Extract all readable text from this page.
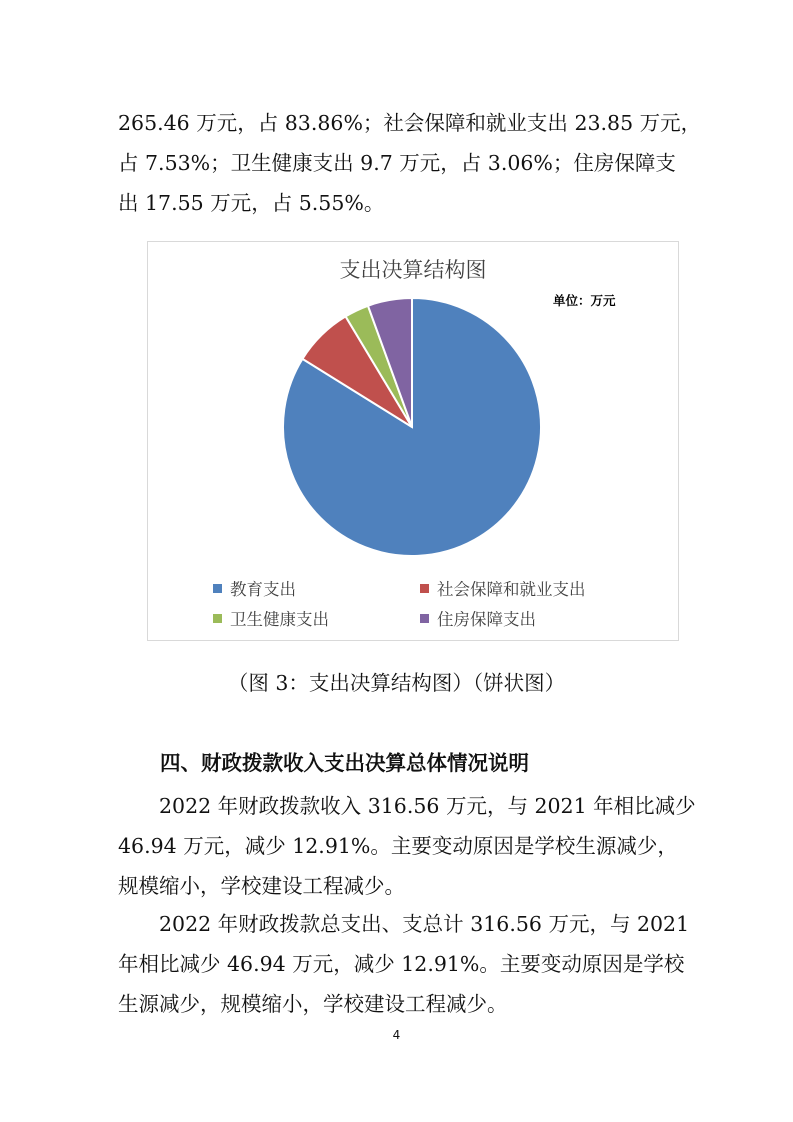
265.46 万元，占 83.86%；社会保障和就业支出 23.85 万元，
占 7.53%；卫生健康支出 9.7 万元，占 3.06%；住房保障支
出 17.55 万元，占 5.55%。
支出决算结构图
单位：万元
教育支出	社会保障和就业支出
卫生健康支出	住房保障支出
（图 3：支出决算结构图）（饼状图）
四、财政拨款收入支出决算总体情况说明
2022 年财政拨款收入 316.56 万元，与 2021 年相比减少
46.94 万元，减少 12.91%。主要变动原因是学校生源减少，
规模缩小，学校建设工程减少。
2022 年财政拨款总支出、支总计 316.56 万元，与 2021
年相比减少 46.94 万元，减少 12.91%。主要变动原因是学校
生源减少，规模缩小，学校建设工程减少。
4
